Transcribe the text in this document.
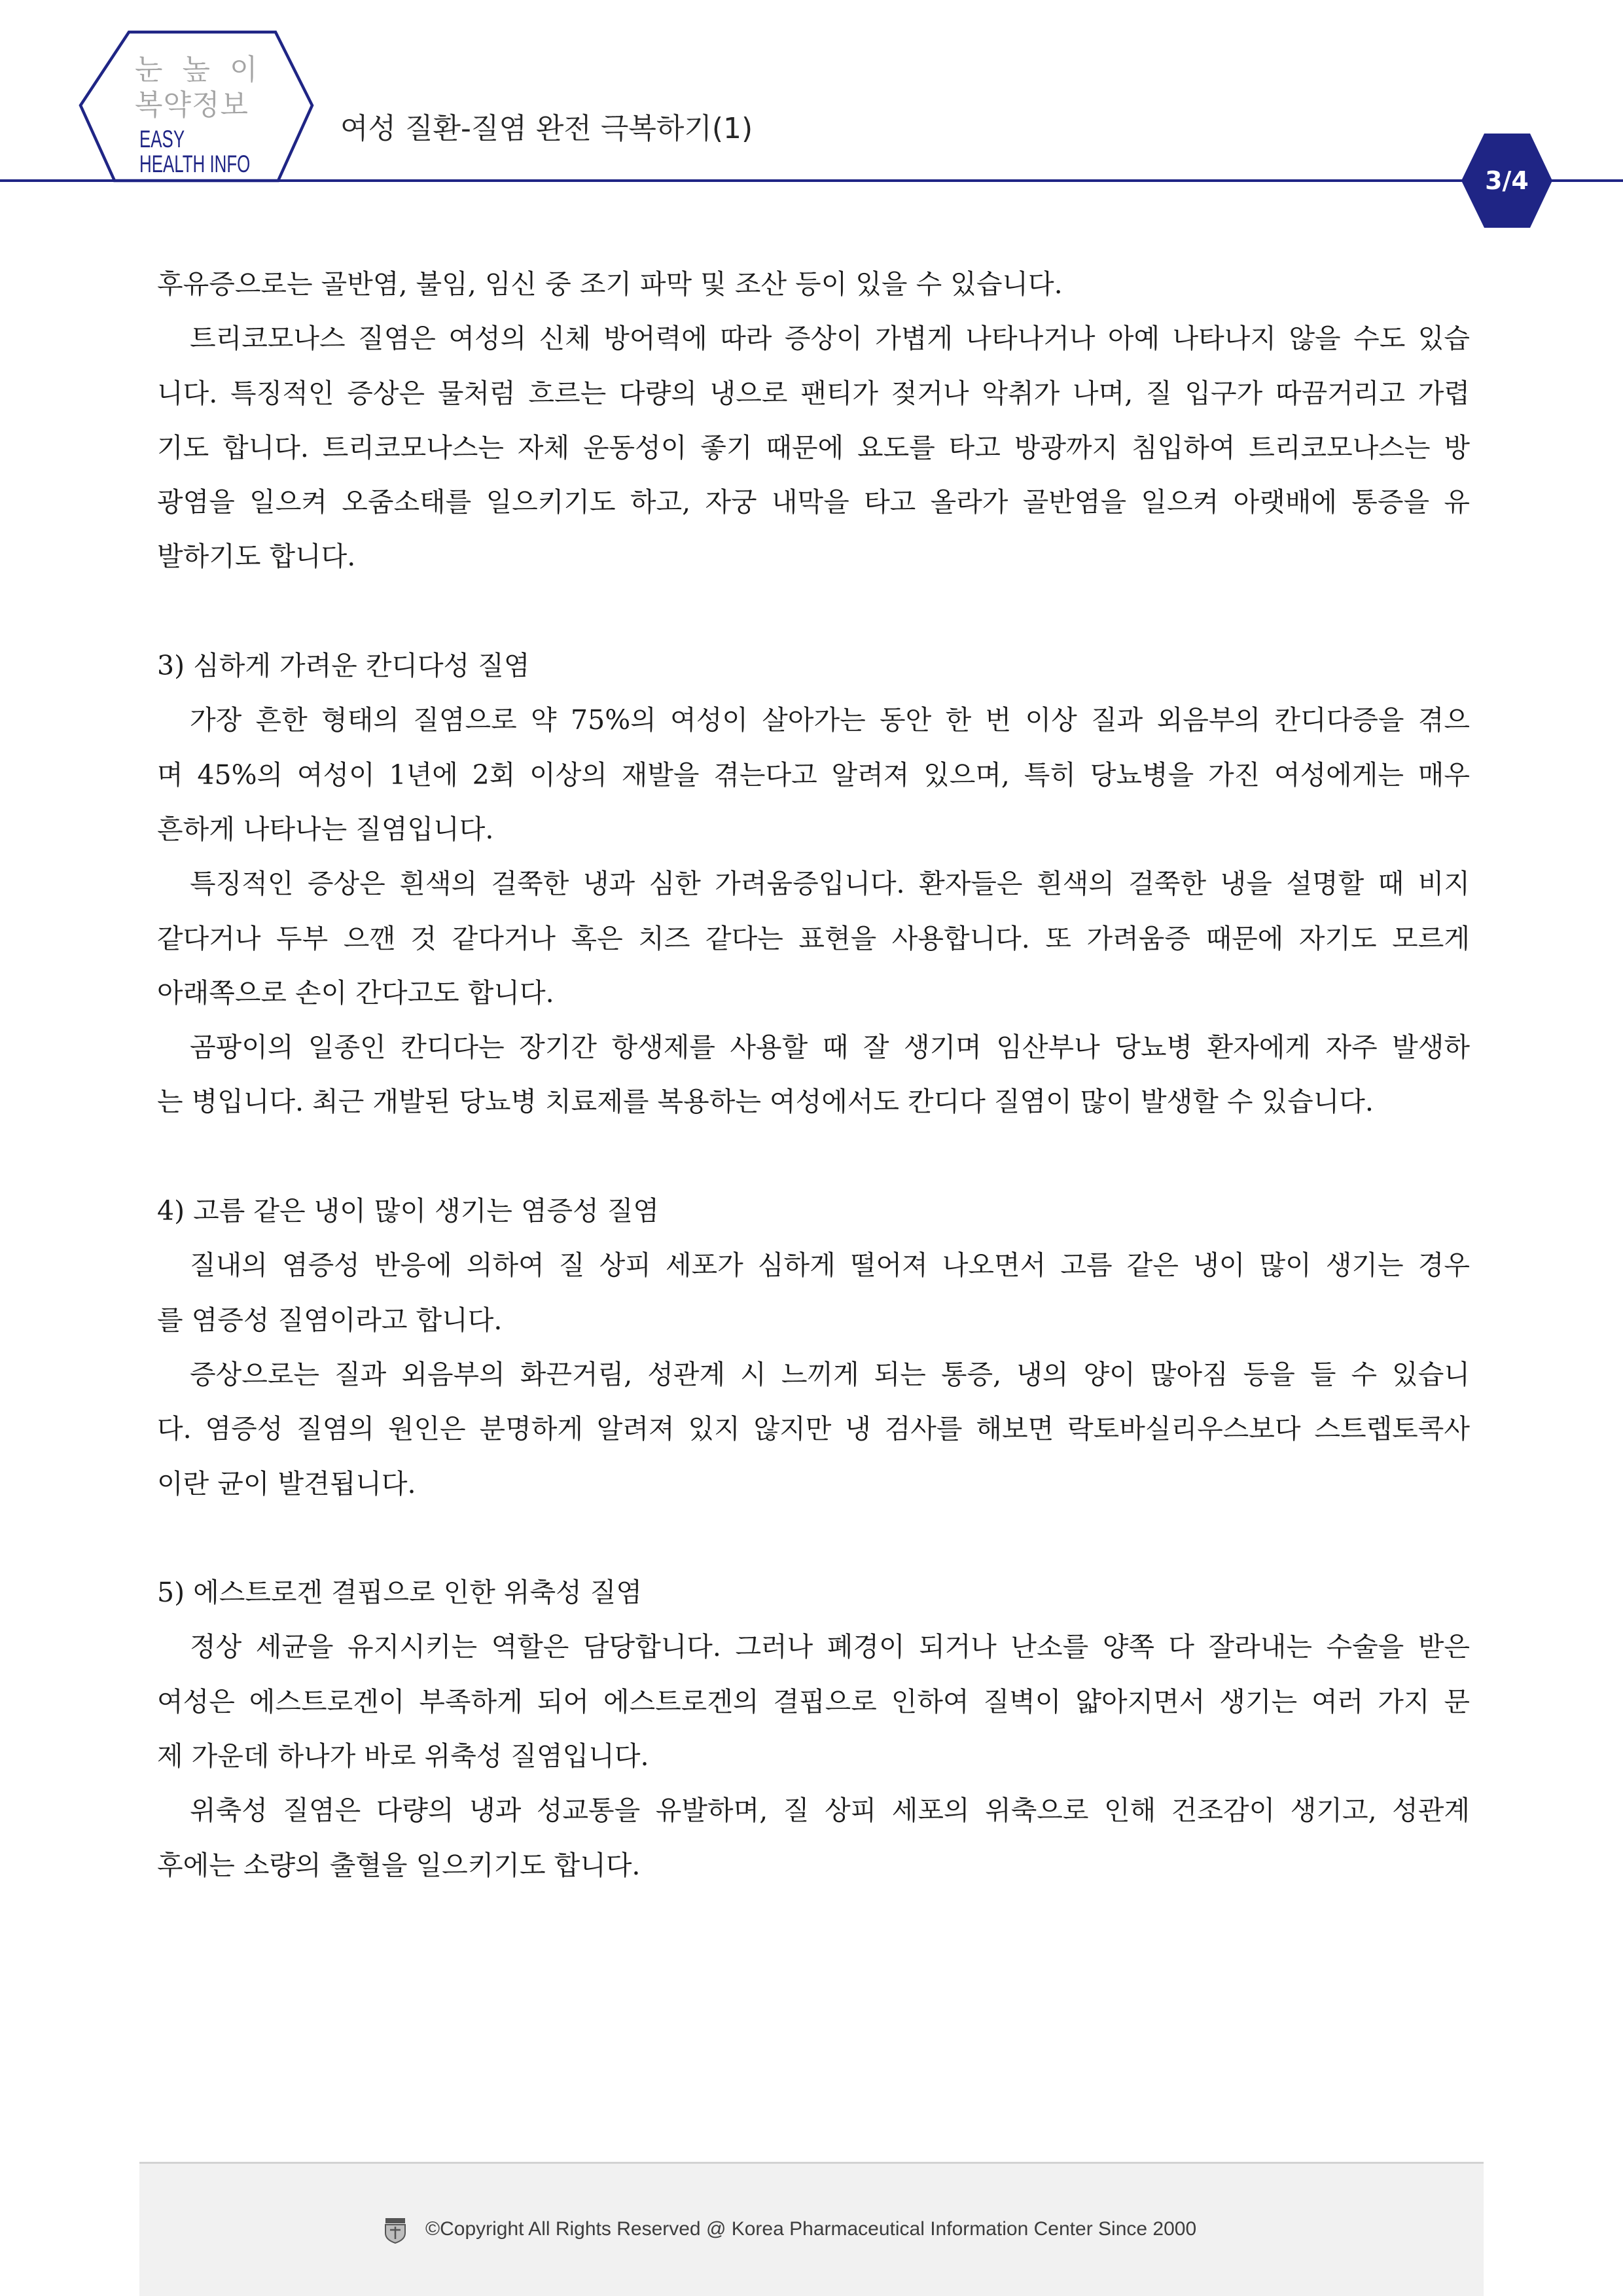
눈 높 이
복약정보
EASY
HEALTH INFO
여성 질환-질염 완전 극복하기(1)
3/4
후유증으로는 골반염, 불임, 임신 중 조기 파막 및 조산 등이 있을 수 있습니다.
트리코모나스 질염은 여성의 신체 방어력에 따라 증상이 가볍게 나타나거나 아예 나타나지 않을 수도 있습
니다. 특징적인 증상은 물처럼 흐르는 다량의 냉으로 팬티가 젖거나 악취가 나며, 질 입구가 따끔거리고 가렵
기도 합니다. 트리코모나스는 자체 운동성이 좋기 때문에 요도를 타고 방광까지 침입하여 트리코모나스는 방
광염을 일으켜 오줌소태를 일으키기도 하고, 자궁 내막을 타고 올라가 골반염을 일으켜 아랫배에 통증을 유
발하기도 합니다.
3) 심하게 가려운 칸디다성 질염
가장 흔한 형태의 질염으로 약 75%의 여성이 살아가는 동안 한 번 이상 질과 외음부의 칸디다증을 겪으
며 45%의 여성이 1년에 2회 이상의 재발을 겪는다고 알려져 있으며, 특히 당뇨병을 가진 여성에게는 매우
흔하게 나타나는 질염입니다.
특징적인 증상은 흰색의 걸쭉한 냉과 심한 가려움증입니다. 환자들은 흰색의 걸쭉한 냉을 설명할 때 비지
같다거나 두부 으깬 것 같다거나 혹은 치즈 같다는 표현을 사용합니다. 또 가려움증 때문에 자기도 모르게
아래쪽으로 손이 간다고도 합니다.
곰팡이의 일종인 칸디다는 장기간 항생제를 사용할 때 잘 생기며 임산부나 당뇨병 환자에게 자주 발생하
는 병입니다. 최근 개발된 당뇨병 치료제를 복용하는 여성에서도 칸디다 질염이 많이 발생할 수 있습니다.
4) 고름 같은 냉이 많이 생기는 염증성 질염
질내의 염증성 반응에 의하여 질 상피 세포가 심하게 떨어져 나오면서 고름 같은 냉이 많이 생기는 경우
를 염증성 질염이라고 합니다.
증상으로는 질과 외음부의 화끈거림, 성관계 시 느끼게 되는 통증, 냉의 양이 많아짐 등을 들 수 있습니
다. 염증성 질염의 원인은 분명하게 알려져 있지 않지만 냉 검사를 해보면 락토바실리우스보다 스트렙토콕사
이란 균이 발견됩니다.
5) 에스트로겐 결핍으로 인한 위축성 질염
정상 세균을 유지시키는 역할은 담당합니다. 그러나 폐경이 되거나 난소를 양쪽 다 잘라내는 수술을 받은
여성은 에스트로겐이 부족하게 되어 에스트로겐의 결핍으로 인하여 질벽이 얇아지면서 생기는 여러 가지 문
제 가운데 하나가 바로 위축성 질염입니다.
위축성 질염은 다량의 냉과 성교통을 유발하며, 질 상피 세포의 위축으로 인해 건조감이 생기고, 성관계
후에는 소량의 출혈을 일으키기도 합니다.
©Copyright All Rights Reserved @ Korea Pharmaceutical Information Center Since 2000
